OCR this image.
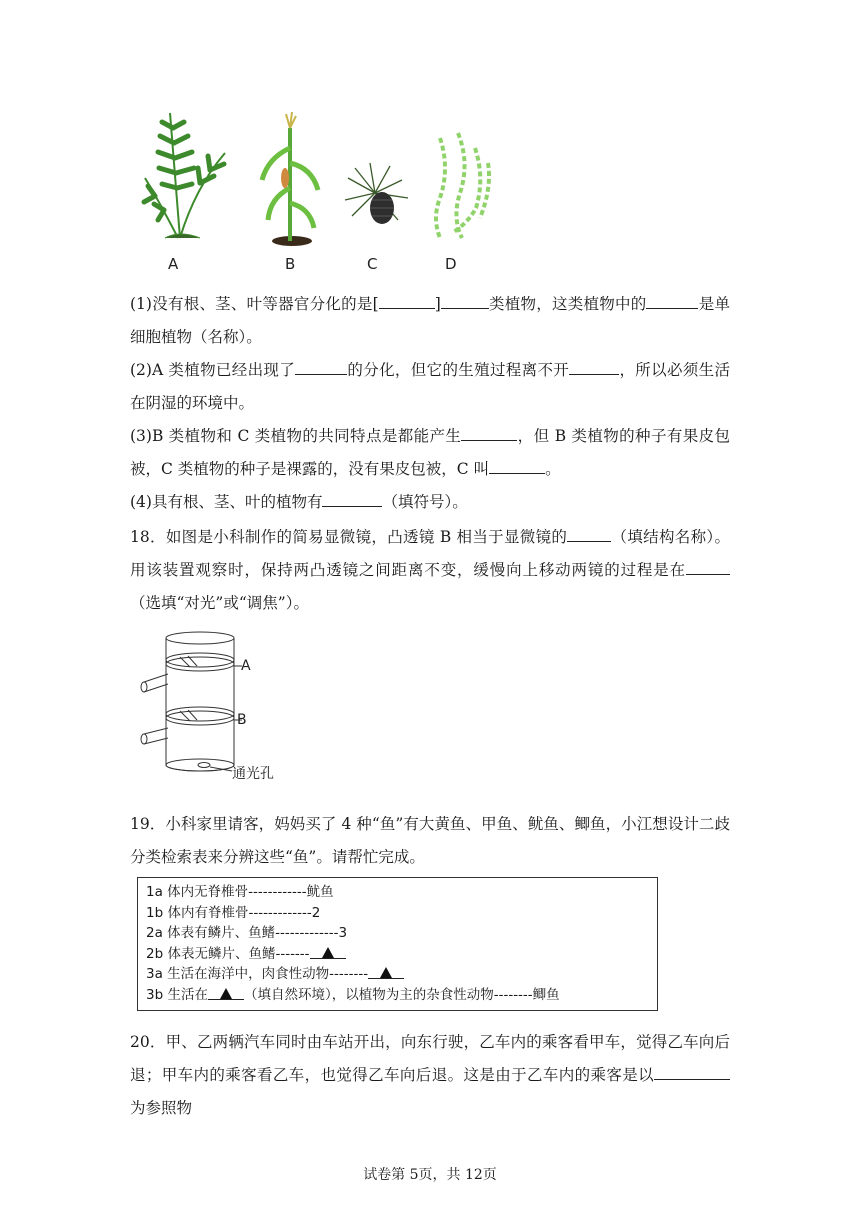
A	B	C	D

(1)没有根、茎、叶等器官分化的是[	]	类植物，这类植物中的	是单细胞植物（名称）。

(2)A 类植物已经出现了	的分化，但它的生殖过程离不开	，所以必须生活在阴湿的环境中。

(3)B 类植物和 C 类植物的共同特点是都能产生	，但 B 类植物的种子有果皮包被，C 类植物的种子是裸露的，没有果皮包被，C 叫	。

(4)具有根、茎、叶的植物有	（填符号）。

18．如图是小科制作的简易显微镜，凸透镜 B 相当于显微镜的	（填结构名称）。用该装置观察时，保持两凸透镜之间距离不变，缓慢向上移动两镜的过程是在（选填“对光”或“调焦”）。

A
B
通光孔

19．小科家里请客，妈妈买了 4 种“鱼”有大黄鱼、甲鱼、鱿鱼、鲫鱼，小江想设计二歧分类检索表来分辨这些“鱼”。请帮忙完成。

1a 体内无脊椎骨------------鱿鱼
1b 体内有脊椎骨-------------2
2a 体表有鳞片、鱼鳍-------------3
2b 体表无鳞片、鱼鳍-------
3a 生活在海洋中，肉食性动物--------
3b 生活在	（填自然环境），以植物为主的杂食性动物--------鲫鱼

20．甲、乙两辆汽车同时由车站开出，向东行驶，乙车内的乘客看甲车，觉得乙车向后退；甲车内的乘客看乙车，也觉得乙车向后退。这是由于乙车内的乘客是以为参照物

试卷第 5页，共 12页
